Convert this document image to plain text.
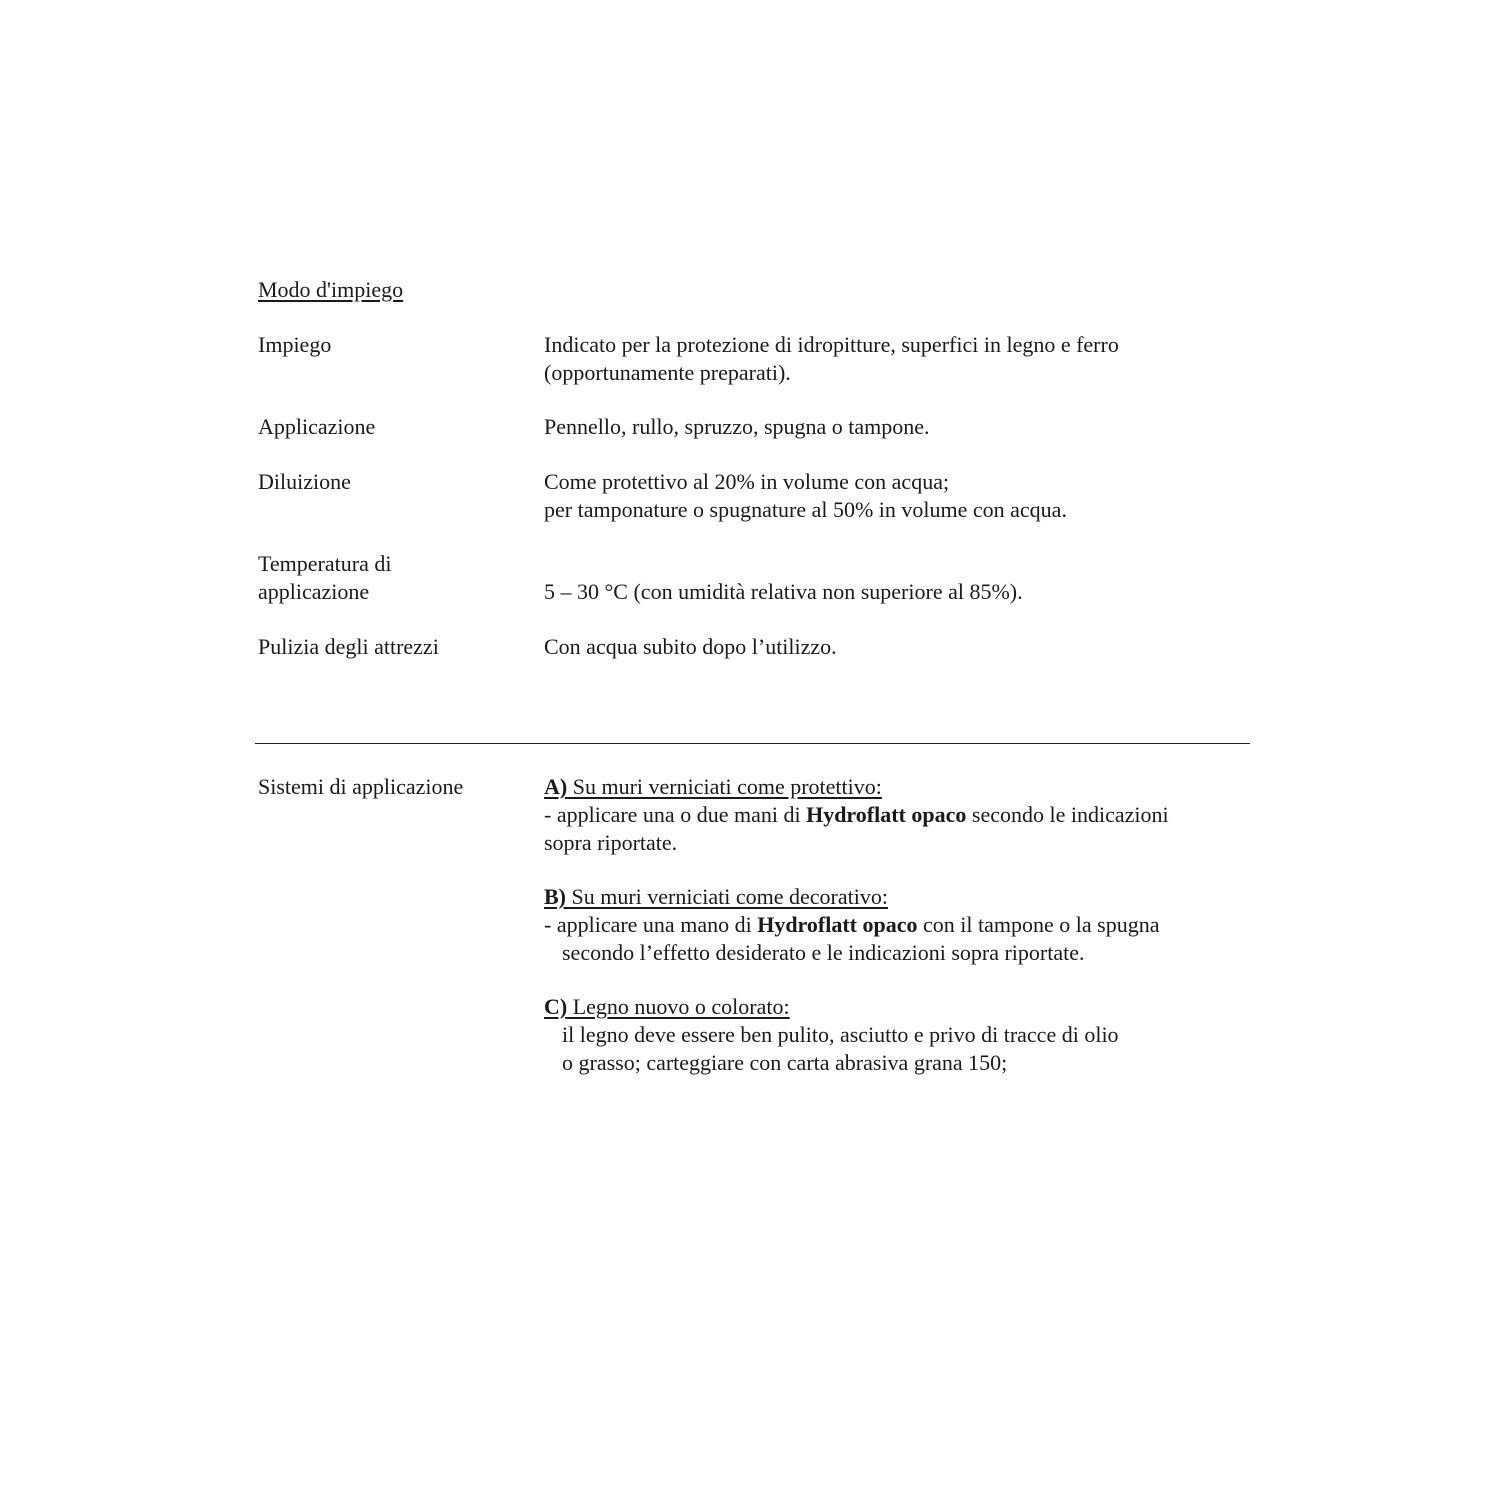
Modo d'impiego
Impiego	Indicato per la protezione di idropitture, superfici in legno e ferro
(opportunamente preparati).
Applicazione	Pennello, rullo, spruzzo, spugna o tampone.
Diluizione	Come protettivo al 20% in volume con acqua;
per tamponature o spugnature al 50% in volume con acqua.
Temperatura di
applicazione	5 – 30 °C (con umidità relativa non superiore al 85%).
Pulizia degli attrezzi	Con acqua subito dopo l’utilizzo.
Sistemi di applicazione	A) Su muri verniciati come protettivo:
- applicare una o due mani di Hydroflatt opaco secondo le indicazioni
sopra riportate.
B) Su muri verniciati come decorativo:
- applicare una mano di Hydroflatt opaco con il tampone o la spugna
secondo l’effetto desiderato e le indicazioni sopra riportate.
C) Legno nuovo o colorato:
il legno deve essere ben pulito, asciutto e privo di tracce di olio
o grasso; carteggiare con carta abrasiva grana 150;
